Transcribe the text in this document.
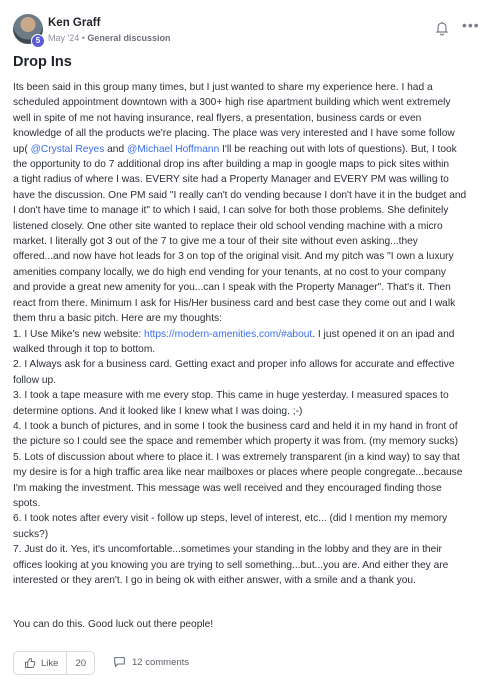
5
Ken Graff
May '24 • General discussion
•••
Drop Ins
Its been said in this group many times, but I just wanted to share my experience here. I had a
scheduled appointment downtown with a 300+ high rise apartment building which went extremely
well in spite of me not having insurance, real flyers, a presentation, business cards or even
knowledge of all the products we're placing. The place was very interested and I have some follow
up( @Crystal Reyes and @Michael Hoffmann I'll be reaching out with lots of questions). But, I took
the opportunity to do 7 additional drop ins after building a map in google maps to pick sites within
a tight radius of where I was. EVERY site had a Property Manager and EVERY PM was willing to
have the discussion. One PM said "I really can't do vending because I don't have it in the budget and
I don't have time to manage it" to which I said, I can solve for both those problems. She definitely
listened closely. One other site wanted to replace their old school vending machine with a micro
market. I literally got 3 out of the 7 to give me a tour of their site without even asking...they
offered...and now have hot leads for 3 on top of the original visit. And my pitch was "I own a luxury
amenities company locally, we do high end vending for your tenants, at no cost to your company
and provide a great new amenity for you...can I speak with the Property Manager". That's it. Then
react from there. Minimum I ask for His/Her business card and best case they come out and I walk
them thru a basic pitch. Here are my thoughts:
1. I Use Mike's new website: https://modern-amenities.com/#about. I just opened it on an ipad and
walked through it top to bottom.
2. I Always ask for a business card. Getting exact and proper info allows for accurate and effective
follow up.
3. I took a tape measure with me every stop. This came in huge yesterday. I measured spaces to
determine options. And it looked like I knew what I was doing. ;-)
4. I took a bunch of pictures, and in some I took the business card and held it in my hand in front of
the picture so I could see the space and remember which property it was from. (my memory sucks)
5. Lots of discussion about where to place it. I was extremely transparent (in a kind way) to say that
my desire is for a high traffic area like near mailboxes or places where people congregate...because
I'm making the investment. This message was well received and they encouraged finding those
spots.
6. I took notes after every visit - follow up steps, level of interest, etc... (did I mention my memory
sucks?)
7. Just do it. Yes, it's uncomfortable...sometimes your standing in the lobby and they are in their
offices looking at you knowing you are trying to sell something...but...you are. And either they are
interested or they aren't. I go in being ok with either answer, with a smile and a thank you.
You can do this. Good luck out there people!
Like	20	12 comments
